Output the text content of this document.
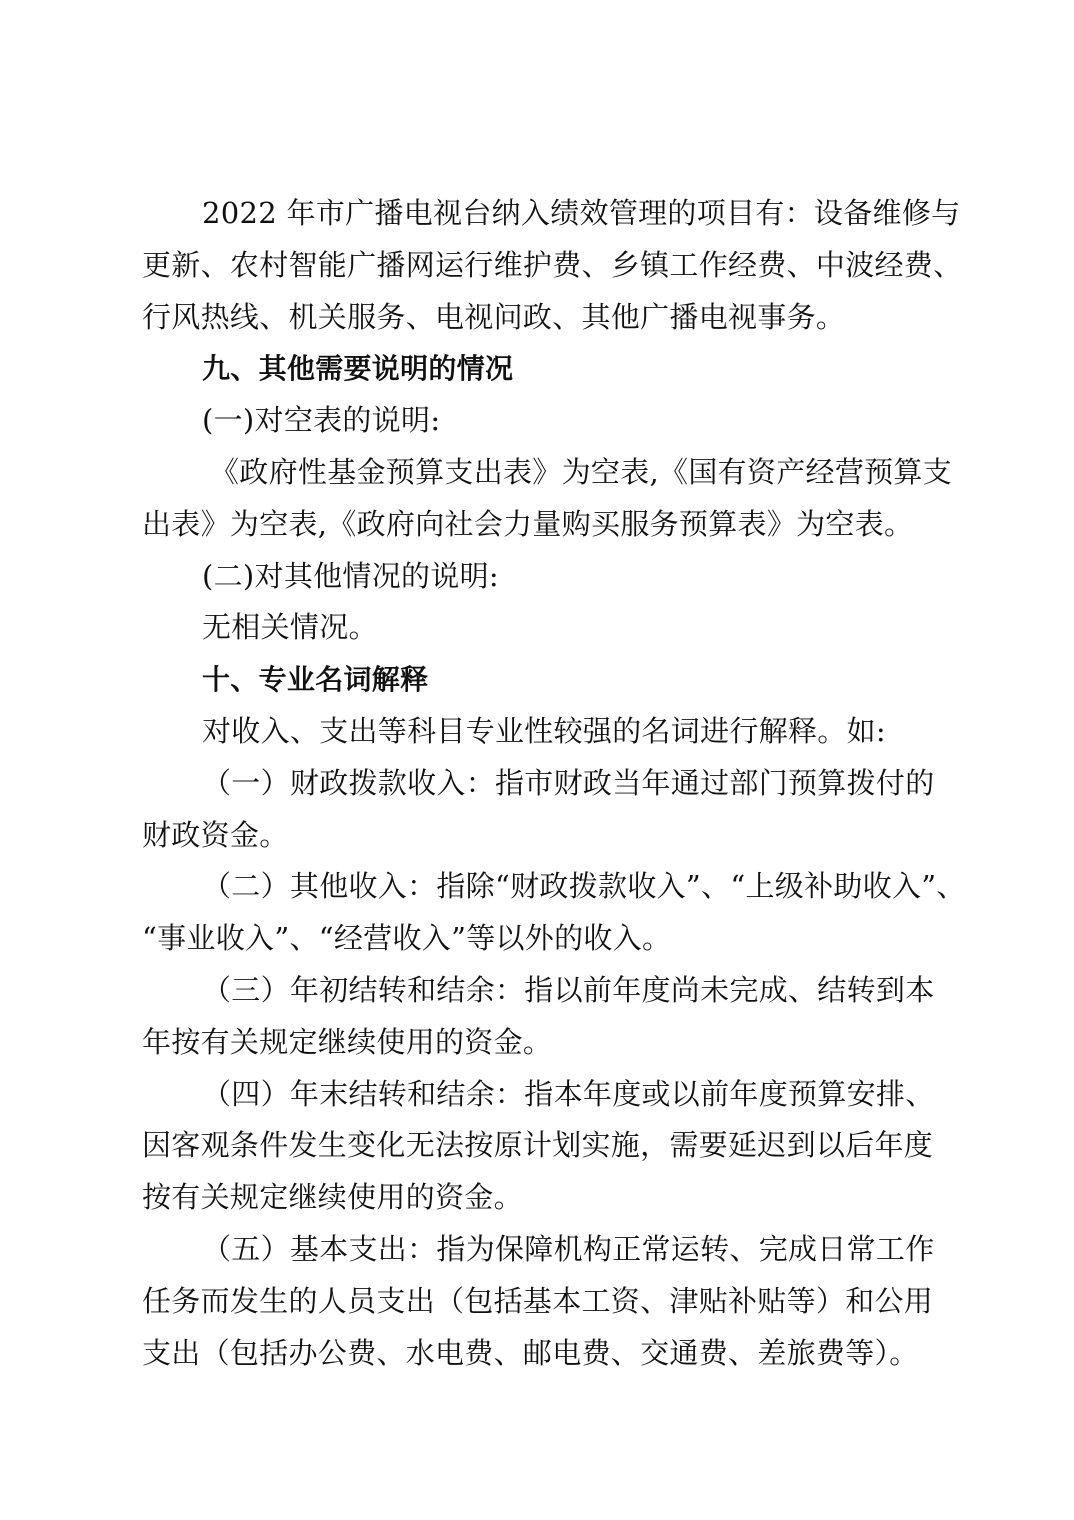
2022 年市广播电视台纳入绩效管理的项目有：设备维修与
更新、农村智能广播网运行维护费、乡镇工作经费、中波经费、
行风热线、机关服务、电视问政、其他广播电视事务。
九、其他需要说明的情况
(一)对空表的说明:
《政府性基金预算支出表》为空表,《国有资产经营预算支
出表》为空表,《政府向社会力量购买服务预算表》为空表。
(二)对其他情况的说明:
无相关情况。
十、专业名词解释
对收入、支出等科目专业性较强的名词进行解释。如:
（一）财政拨款收入：指市财政当年通过部门预算拨付的
财政资金。
（二）其他收入：指除“财政拨款收入”、“上级补助收入”、
“事业收入”、“经营收入”等以外的收入。
（三）年初结转和结余：指以前年度尚未完成、结转到本
年按有关规定继续使用的资金。
（四）年末结转和结余：指本年度或以前年度预算安排、
因客观条件发生变化无法按原计划实施，需要延迟到以后年度
按有关规定继续使用的资金。
（五）基本支出：指为保障机构正常运转、完成日常工作
任务而发生的人员支出（包括基本工资、津贴补贴等）和公用
支出（包括办公费、水电费、邮电费、交通费、差旅费等）。
